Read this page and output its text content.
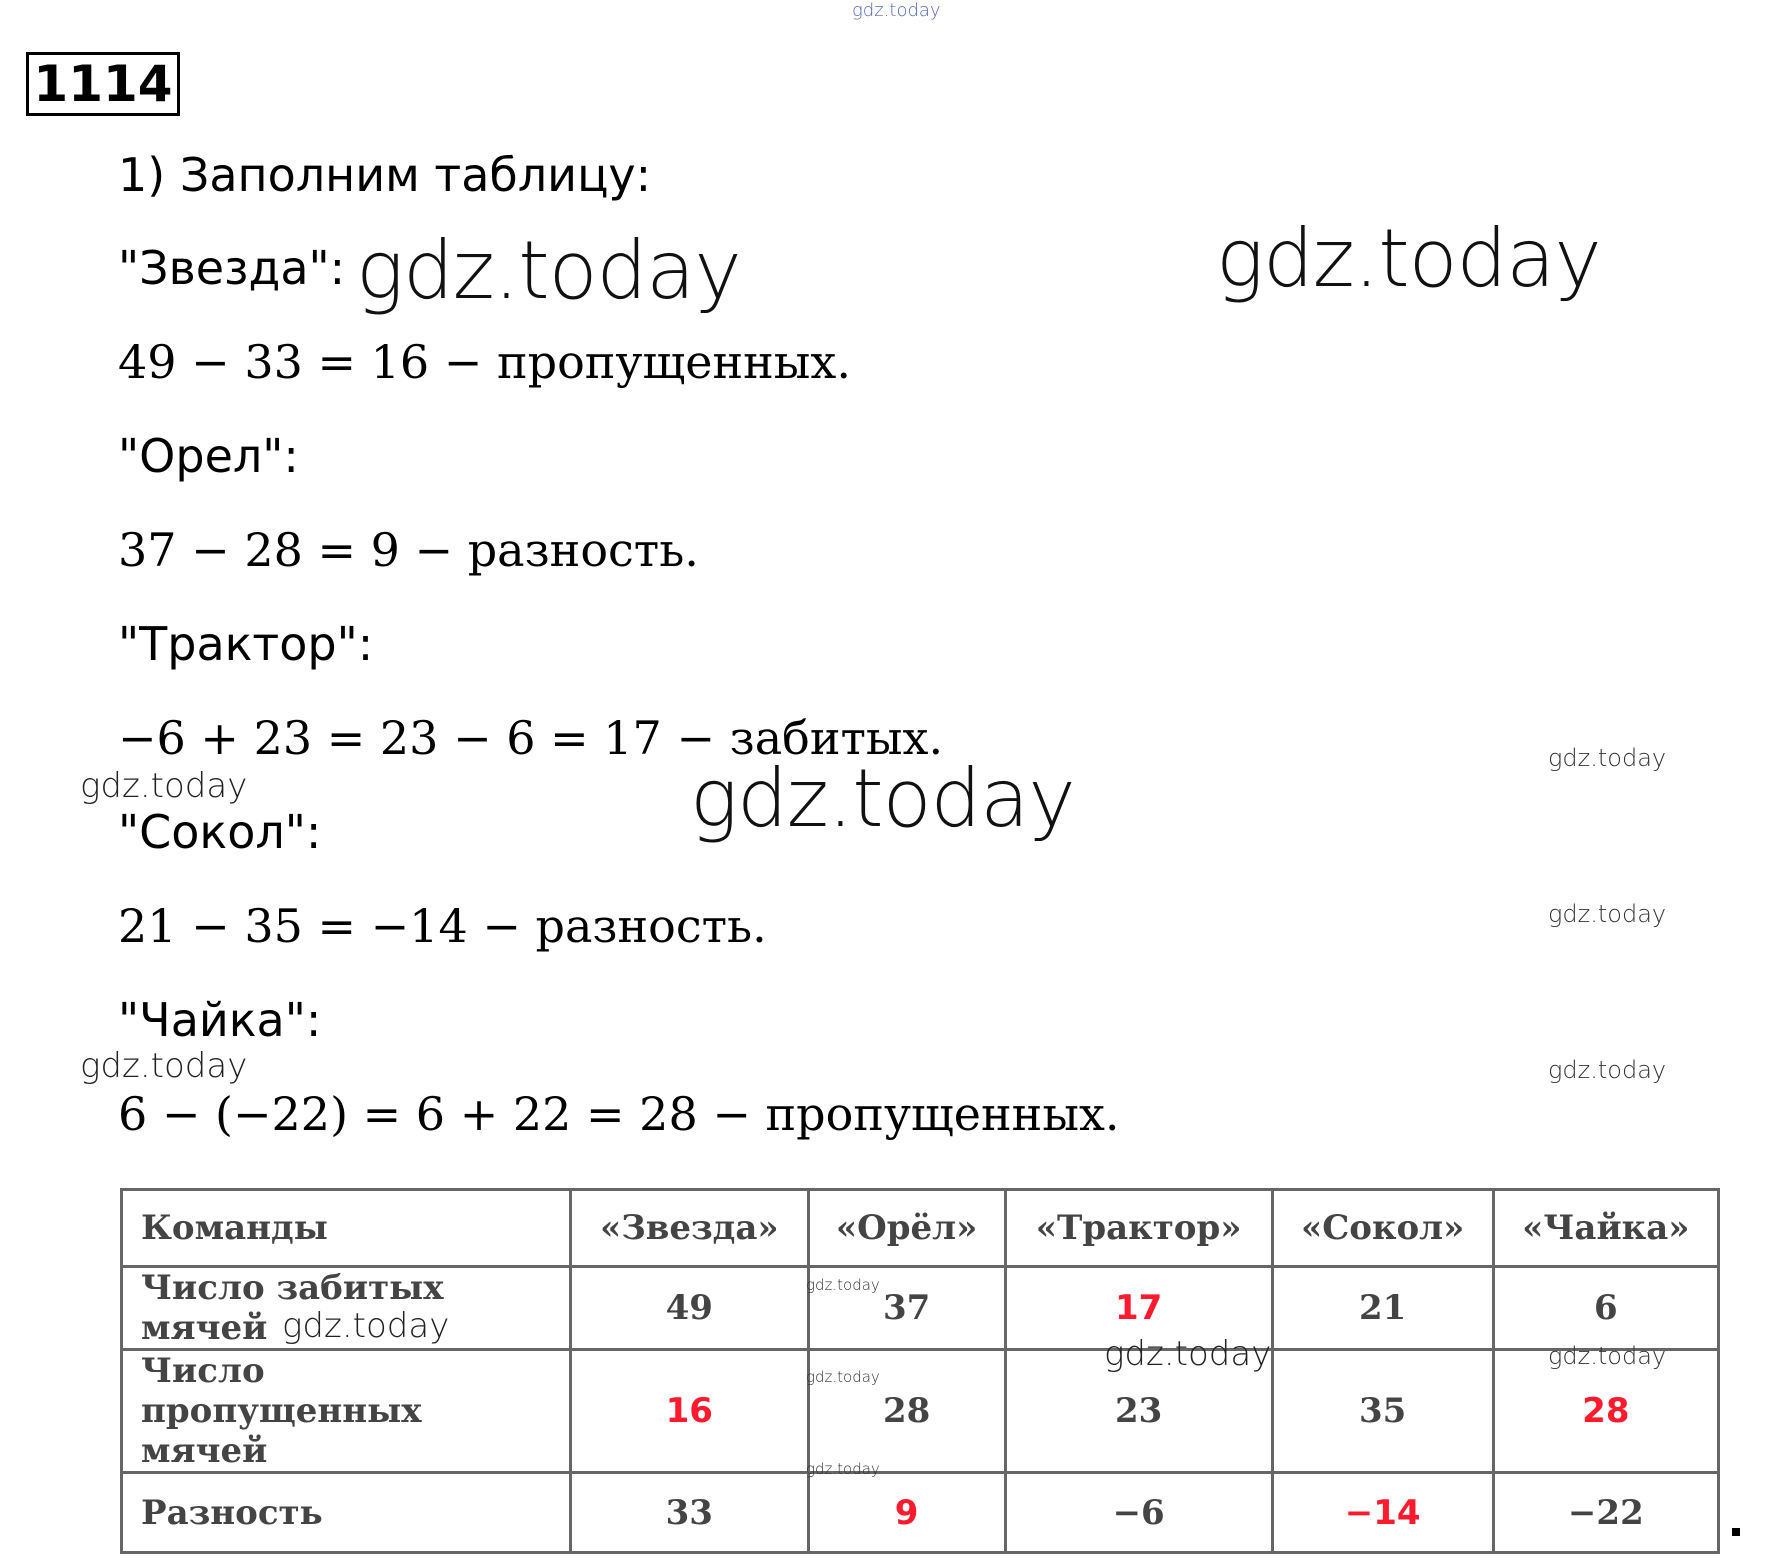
gdz.today
1114
1) Заполним таблицу:
"Звезда":
49 − 33 = 16 − пропущенных.
"Орел":
37 − 28 = 9 − разность.
"Трактор":
−6 + 23 = 23 − 6 = 17 − забитых.
"Сокол":
21 − 35 = −14 − разность.
"Чайка":
6 − (−22) = 6 + 22 = 28 − пропущенных.
gdz.today	gdz.today
gdz.today	gdz.today
gdz.today
gdz.today
gdz.today	gdz.today
Команды	«Звезда»	«Орёл»	«Трактор»	«Сокол»	«Чайка»
Число забитых мячей	49	37	17	21	6
Число пропущенных мячей	16	28	23	35	28
Разность	33	9	−6	−14	−22
gdz.today
gdz.today	gdz.today
gdz.today
gdz.today
gdz.today
